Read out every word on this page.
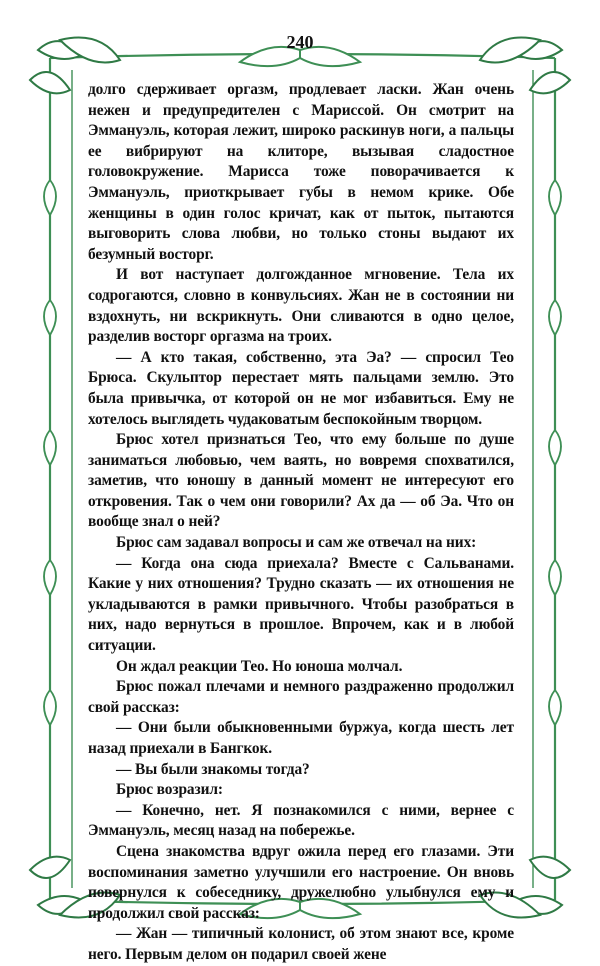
240

долго сдерживает оргазм, продлевает ласки. Жан очень нежен и предупредителен с Мариссой. Он смотрит на Эммануэль, которая лежит, широко раскинув ноги, а пальцы ее вибрируют на клиторе, вызывая сладостное головокружение. Марисса тоже поворачивается к Эммануэль, приоткрывает губы в немом крике. Обе женщины в один голос кричат, как от пыток, пытаются выговорить слова любви, но только стоны выдают их безумный восторг.

И вот наступает долгожданное мгновение. Тела их содрогаются, словно в конвульсиях. Жан не в состоянии ни вздохнуть, ни вскрикнуть. Они сливаются в одно целое, разделив восторг оргазма на троих.

— А кто такая, собственно, эта Эа? — спросил Тео Брюса. Скульптор перестает мять пальцами землю. Это была привычка, от которой он не мог избавиться. Ему не хотелось выглядеть чудаковатым беспокойным творцом.

Брюс хотел признаться Тео, что ему больше по душе заниматься любовью, чем ваять, но вовремя спохватился, заметив, что юношу в данный момент не интересуют его откровения. Так о чем они говорили? Ах да — об Эа. Что он вообще знал о ней?

Брюс сам задавал вопросы и сам же отвечал на них:

— Когда она сюда приехала? Вместе с Сальванами. Какие у них отношения? Трудно сказать — их отношения не укладываются в рамки привычного. Чтобы разобраться в них, надо вернуться в прошлое. Впрочем, как и в любой ситуации.

Он ждал реакции Тео. Но юноша молчал.

Брюс пожал плечами и немного раздраженно продолжил свой рассказ:

— Они были обыкновенными буржуа, когда шесть лет назад приехали в Бангкок.

— Вы были знакомы тогда?

Брюс возразил:

— Конечно, нет. Я познакомился с ними, вернее с Эммануэль, месяц назад на побережье.

Сцена знакомства вдруг ожила перед его глазами. Эти воспоминания заметно улучшили его настроение. Он вновь повернулся к собеседнику, дружелюбно улыбнулся ему и продолжил свой рассказ:

— Жан — типичный колонист, об этом знают все, кроме него. Первым делом он подарил своей жене
